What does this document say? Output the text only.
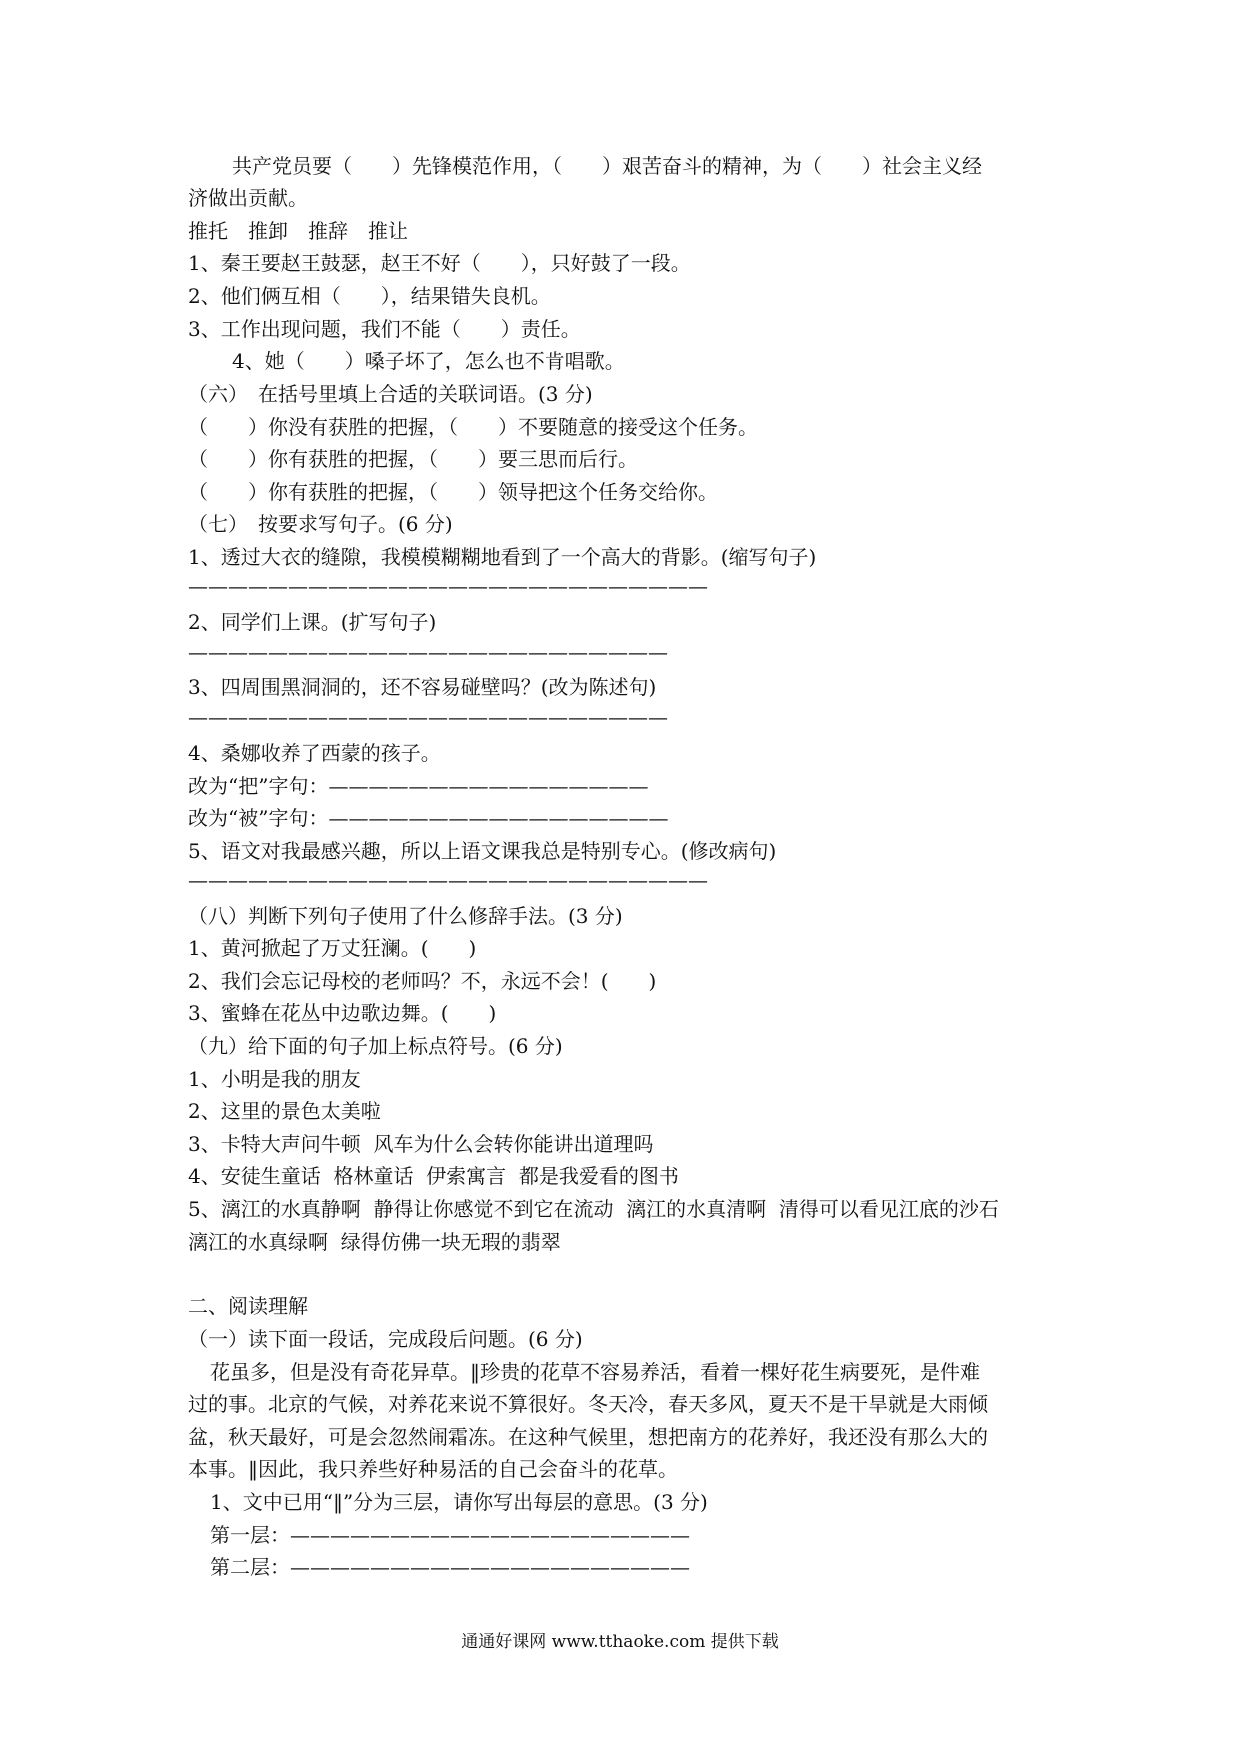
共产党员要（　　）先锋模范作用，（　　）艰苦奋斗的精神，为（　　）社会主义经
济做出贡献。
推托　推卸　推辞　推让
1、秦王要赵王鼓瑟，赵王不好（　　），只好鼓了一段。
2、他们俩互相（　　），结果错失良机。
3、工作出现问题，我们不能（　　）责任。
4、她（　　）嗓子坏了，怎么也不肯唱歌。
（六）　在括号里填上合适的关联词语。(3 分)
（　　）你没有获胜的把握，（　　）不要随意的接受这个任务。
（　　）你有获胜的把握，（　　）要三思而后行。
（　　）你有获胜的把握，（　　）领导把这个任务交给你。
（七）　按要求写句子。(6 分)
1、透过大衣的缝隙，我模模糊糊地看到了一个高大的背影。(缩写句子)
——————————————————————————
2、同学们上课。(扩写句子)
————————————————————————
3、四周围黑洞洞的，还不容易碰壁吗？(改为陈述句)
————————————————————————
4、桑娜收养了西蒙的孩子。
改为“把”字句：————————————————
改为“被”字句：—————————————————
5、语文对我最感兴趣，所以上语文课我总是特别专心。(修改病句)
——————————————————————————
（八）判断下列句子使用了什么修辞手法。(3 分)
1、黄河掀起了万丈狂澜。(　　)
2、我们会忘记母校的老师吗？不，永远不会！(　　)
3、蜜蜂在花丛中边歌边舞。(　　)
（九）给下面的句子加上标点符号。(6 分)
1、小明是我的朋友
2、这里的景色太美啦
3、卡特大声问牛顿  风车为什么会转你能讲出道理吗
4、安徒生童话  格林童话  伊索寓言  都是我爱看的图书
5、漓江的水真静啊  静得让你感觉不到它在流动  漓江的水真清啊  清得可以看见江底的沙石
漓江的水真绿啊  绿得仿佛一块无瑕的翡翠
二、阅读理解
（一）读下面一段话，完成段后问题。(6 分)
花虽多，但是没有奇花异草。‖珍贵的花草不容易养活，看着一棵好花生病要死，是件难
过的事。北京的气候，对养花来说不算很好。冬天冷，春天多风，夏天不是干旱就是大雨倾
盆，秋天最好，可是会忽然闹霜冻。在这种气候里，想把南方的花养好，我还没有那么大的
本事。‖因此，我只养些好种易活的自己会奋斗的花草。
1、文中已用“‖”分为三层，请你写出每层的意思。(3 分)
第一层：————————————————————
第二层：————————————————————
通通好课网 www.tthaoke.com 提供下载
